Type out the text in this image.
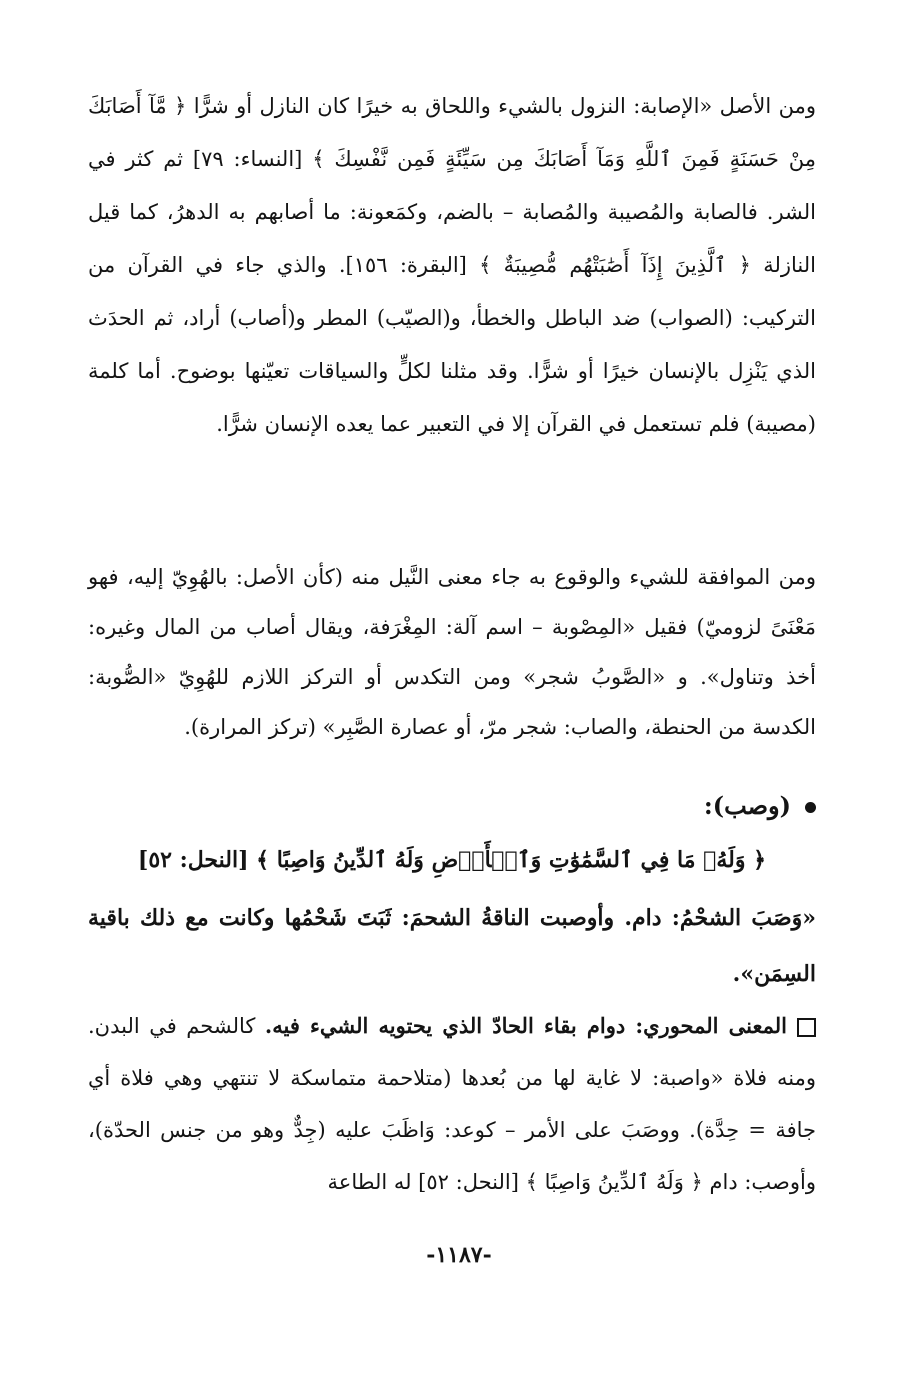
ومن الأصل «الإصابة: النزول بالشيء واللحاق به خيرًا كان النازل أو شرًّا ﴿ مَّآ أَصَابَكَ مِنْ حَسَنَةٍ فَمِنَ ٱللَّهِ وَمَآ أَصَابَكَ مِن سَيِّئَةٍ فَمِن نَّفْسِكَ ﴾ [النساء: ٧٩] ثم كثر في الشر. فالصابة والمُصيبة والمُصابة – بالضم، وكمَعونة: ما أصابهم به الدهرُ، كما قيل النازلة ﴿ ٱلَّذِينَ إِذَآ أَصَٰبَتْهُم مُّصِيبَةٌ ﴾ [البقرة: ١٥٦]. والذي جاء في القرآن من التركيب: (الصواب) ضد الباطل والخطأ، و(الصيّب) المطر و(أصاب) أراد، ثم الحدَث الذي يَنْزِل بالإنسان خيرًا أو شرًّا. وقد مثلنا لكلٍّ والسياقات تعيّنها بوضوح. أما كلمة (مصيبة) فلم تستعمل في القرآن إلا في التعبير عما يعده الإنسان شرًّا.

ومن الموافقة للشيء والوقوع به جاء معنى النَّيل منه (كأن الأصل: بالهُوِيّ إليه، فهو مَعْنَىً لزوميّ) فقيل «المِصْوبة – اسم آلة: المِغْرَفة، ويقال أصاب من المال وغيره: أخذ وتناول». و «الصَّوبُ شجر» ومن التكدس أو التركز اللازم للهُوِيّ «الصُّوبة: الكدسة من الحنطة، والصاب: شجر مرّ، أو عصارة الصَّبِر» (تركز المرارة).

(وصب):
﴿ وَلَهُۥ مَا فِي ٱلسَّمَٰوَٰتِ وَٱلۡأَرۡضِ وَلَهُ ٱلدِّينُ وَاصِبًا ﴾ [النحل: ٥٢]

«وَصَبَ الشحْمُ: دام. وأوصبت الناقةُ الشحمَ: ثَبَتَ شَحْمُها وكانت مع ذلك باقية السِمَن».

المعنى المحوري: دوام بقاء الحادّ الذي يحتويه الشيء فيه. كالشحم في البدن. ومنه فلاة «واصبة: لا غاية لها من بُعدها (متلاحمة متماسكة لا تنتهي وهي فلاة أي جافة = حِدَّة). ووصَبَ على الأمر – كوعد: وَاظَبَ عليه (جِدٌّ وهو من جنس الحدّة)، وأوصب: دام ﴿ وَلَهُ ٱلدِّينُ وَاصِبًا ﴾ [النحل: ٥٢] له الطاعة

-١١٨٧-
